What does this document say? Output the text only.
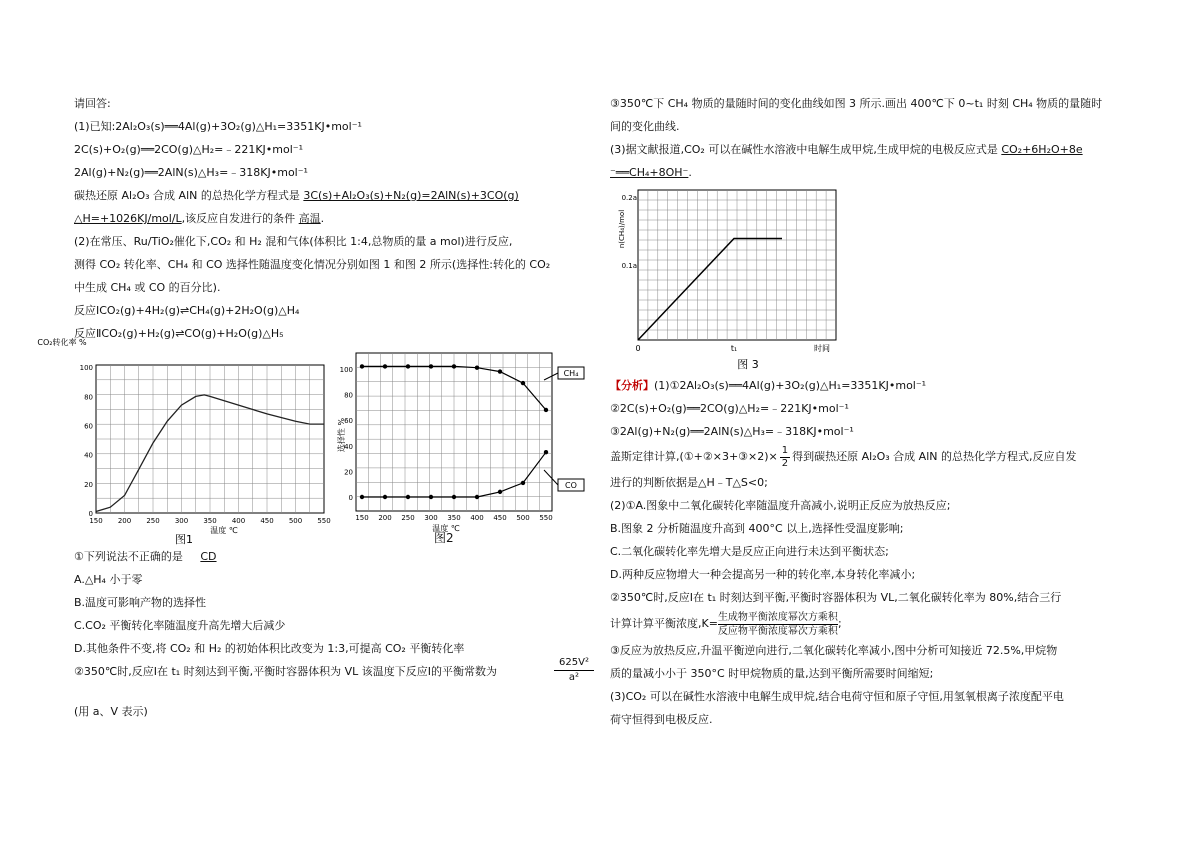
请回答:
(1)已知:2Al₂O₃(s)══4Al(g)+3O₂(g)△H₁=3351KJ•mol⁻¹
2C(s)+O₂(g)══2CO(g)△H₂=﹣221KJ•mol⁻¹
2Al(g)+N₂(g)══2AlN(s)△H₃=﹣318KJ•mol⁻¹
碳热还原 Al₂O₃ 合成 AlN 的总热化学方程式是 3C(s)+Al₂O₃(s)+N₂(g)=2AlN(s)+3CO(g)
△H=+1026KJ/mol/L,该反应自发进行的条件 高温.
(2)在常压、Ru/TiO₂催化下,CO₂ 和 H₂ 混和气体(体积比 1:4,总物质的量 a mol)进行反应,
测得 CO₂ 转化率、CH₄ 和 CO 选择性随温度变化情况分别如图 1 和图 2 所示(选择性:转化的 CO₂
中生成 CH₄ 或 CO 的百分比).
反应ⅠCO₂(g)+4H₂(g)⇌CH₄(g)+2H₂O(g)△H₄
反应ⅡCO₂(g)+H₂(g)⇌CO(g)+H₂O(g)△H₅
0
20
40
60
80
100
150 200 250 300 350 400 450 500 550
CO₂转化率 %
温度 ℃
图1
0
20
40
60
80
100
150 200 250 300 350 400 450 500 550
选择性 %
温度 ℃
CH₄
CO
图2
①下列说法不正确的是 CD
A.△H₄ 小于零
B.温度可影响产物的选择性
C.CO₂ 平衡转化率随温度升高先增大后减少
D.其他条件不变,将 CO₂ 和 H₂ 的初始体积比改变为 1:3,可提高 CO₂ 平衡转化率
②350℃时,反应Ⅰ在 t₁ 时刻达到平衡,平衡时容器体积为 VL 该温度下反应Ⅰ的平衡常数为	$\frac{\text{625V²}}{\text{a²}}$
(用 a、V 表示)
③350℃下 CH₄ 物质的量随时间的变化曲线如图 3 所示.画出 400℃下 0~t₁ 时刻 CH₄ 物质的量随时
间的变化曲线.
(3)据文献报道,CO₂ 可以在碱性水溶液中电解生成甲烷,生成甲烷的电极反应式是 CO₂+6H₂O+8e
⁻══CH₄+8OH⁻.
0.2a
0.1a
0	t₁	时间
n(CH₄)/mol
图 3
【分析】(1)①2Al₂O₃(s)══4Al(g)+3O₂(g)△H₁=3351KJ•mol⁻¹
②2C(s)+O₂(g)══2CO(g)△H₂=﹣221KJ•mol⁻¹
③2Al(g)+N₂(g)══2AlN(s)△H₃=﹣318KJ•mol⁻¹
盖斯定律计算,(①+②×3+③×2)× $\frac{1}{2}$ 得到碳热还原 Al₂O₃ 合成 AlN 的总热化学方程式,反应自发
进行的判断依据是△H﹣T△S<0;
(2)①A.图象中二氧化碳转化率随温度升高减小,说明正反应为放热反应;
B.图象 2 分析随温度升高到 400°C 以上,选择性受温度影响;
C.二氧化碳转化率先增大是反应正向进行未达到平衡状态;
D.两种反应物增大一种会提高另一种的转化率,本身转化率减小;
②350℃时,反应Ⅰ在 t₁ 时刻达到平衡,平衡时容器体积为 VL,二氧化碳转化率为 80%,结合三行
计算计算平衡浓度,K= 生成物平衡浓度幂次方乘积
反应物平衡浓度幂次方乘积
;
③反应为放热反应,升温平衡逆向进行,二氧化碳转化率减小,图中分析可知接近 72.5%,甲烷物
质的量减小小于 350°C 时甲烷物质的量,达到平衡所需要时间缩短;
(3)CO₂ 可以在碱性水溶液中电解生成甲烷,结合电荷守恒和原子守恒,用氢氧根离子浓度配平电
荷守恒得到电极反应.
